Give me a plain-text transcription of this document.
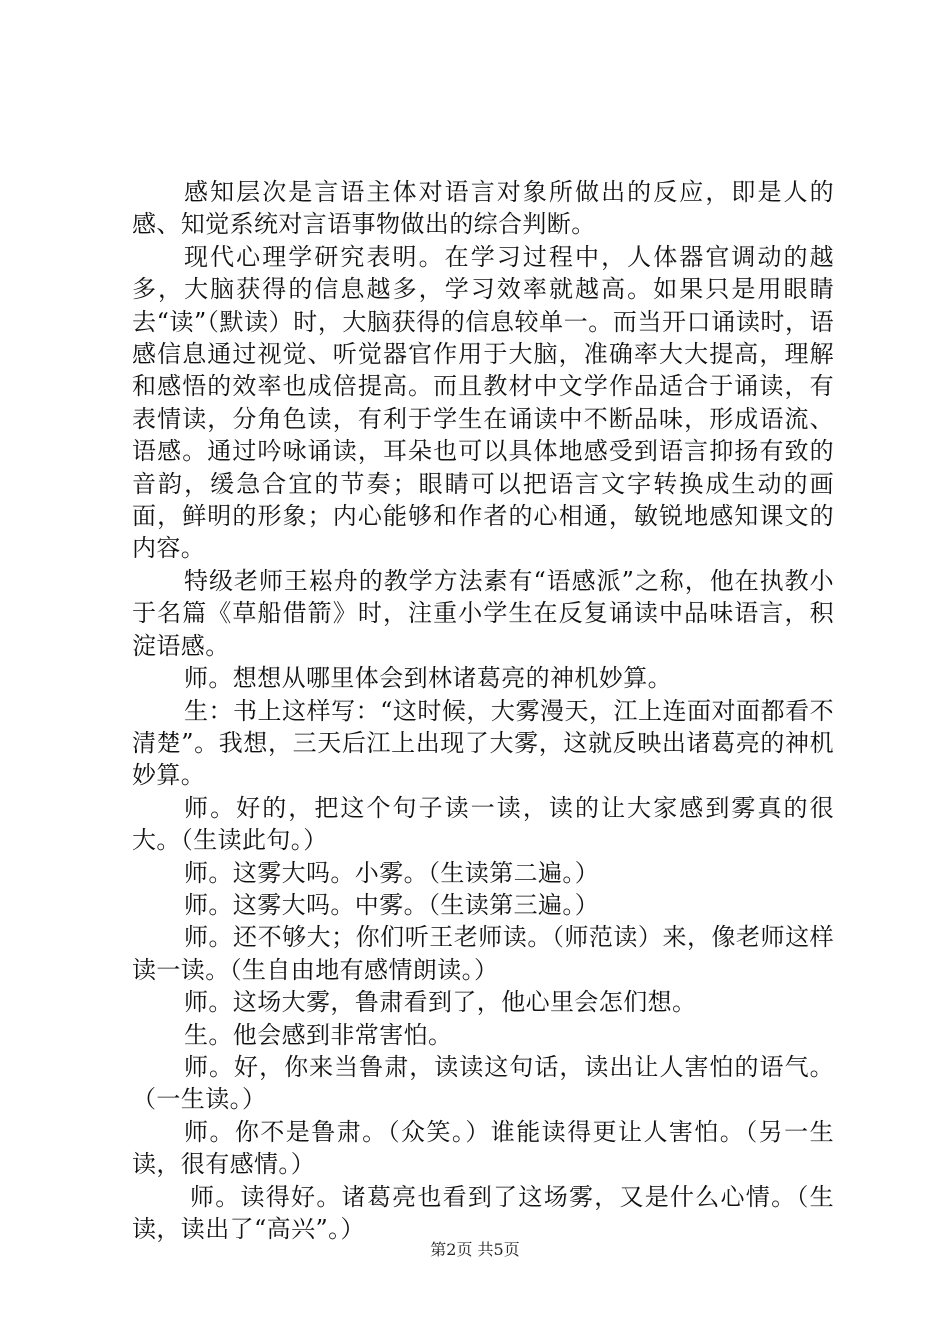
感知层次是言语主体对语言对象所做出的反应，即是人的感、知觉系统对言语事物做出的综合判断。

现代心理学研究表明。在学习过程中，人体器官调动的越多，大脑获得的信息越多，学习效率就越高。如果只是用眼睛去“读”（默读）时，大脑获得的信息较单一。而当开口诵读时，语感信息通过视觉、听觉器官作用于大脑，准确率大大提高，理解和感悟的效率也成倍提高。而且教材中文学作品适合于诵读，有表情读，分角色读，有利于学生在诵读中不断品味，形成语流、语感。通过吟咏诵读，耳朵也可以具体地感受到语言抑扬有致的音韵，缓急合宜的节奏；眼睛可以把语言文字转换成生动的画面，鲜明的形象；内心能够和作者的心相通，敏锐地感知课文的内容。

特级老师王崧舟的教学方法素有“语感派”之称，他在执教小于名篇《草船借箭》时，注重小学生在反复诵读中品味语言，积淀语感。

师。想想从哪里体会到林诸葛亮的神机妙算。

生：书上这样写：“这时候，大雾漫天，江上连面对面都看不清楚”。我想，三天后江上出现了大雾，这就反映出诸葛亮的神机妙算。

师。好的，把这个句子读一读，读的让大家感到雾真的很大。（生读此句。）

师。这雾大吗。小雾。（生读第二遍。）

师。这雾大吗。中雾。（生读第三遍。）

师。还不够大；你们听王老师读。（师范读）来，像老师这样读一读。（生自由地有感情朗读。）

师。这场大雾，鲁肃看到了，他心里会怎们想。

生。他会感到非常害怕。

师。好，你来当鲁肃，读读这句话，读出让人害怕的语气。（一生读。）

师。你不是鲁肃。（众笑。）谁能读得更让人害怕。（另一生读，很有感情。）

师。读得好。诸葛亮也看到了这场雾，又是什么心情。（生读，读出了“高兴”。）

第2页 共5页
